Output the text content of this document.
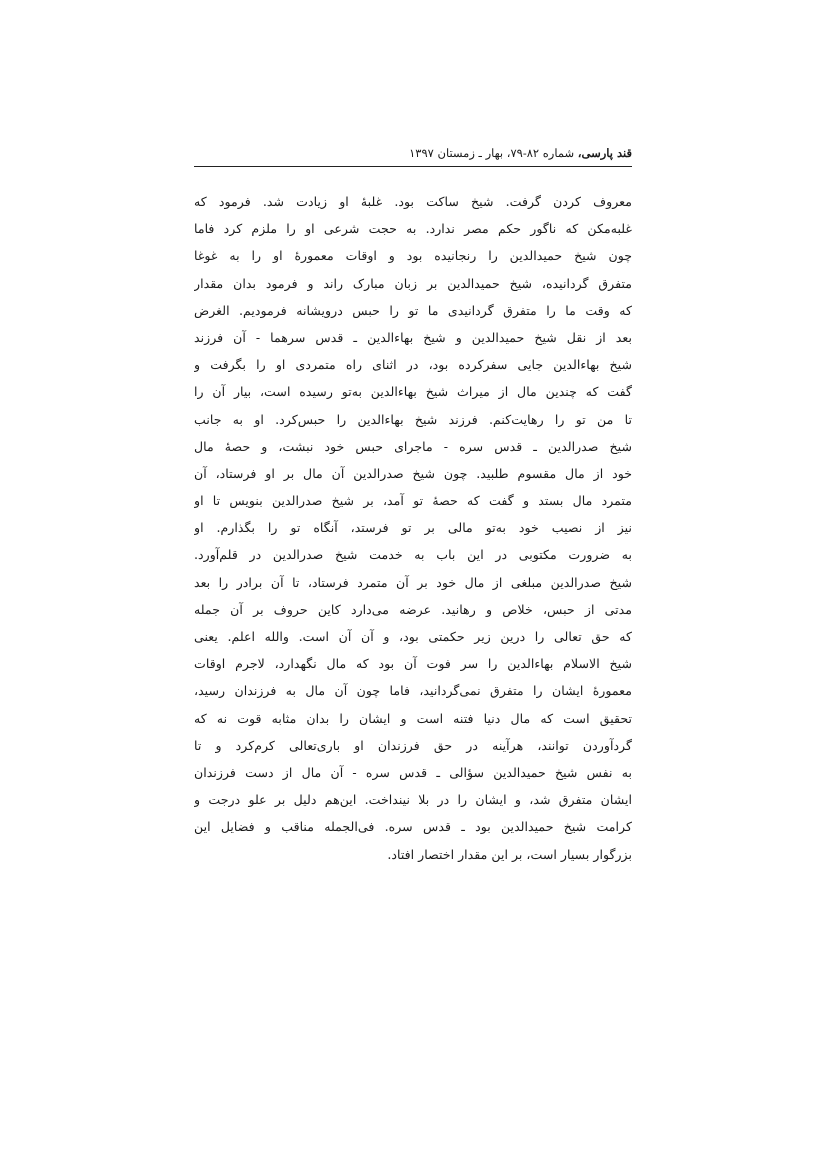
قند پارسی، شماره ۸۲-۷۹، بهار ـ زمستان ۱۳۹۷
معروف کردن گرفت. شیخ ساکت بود. غلبهٔ او زیادت شد. فرمود که
غلبه‌مکن که ناگور حکم مصر ندارد. به حجت شرعی او را ملزم کرد فاما
چون شیخ حمیدالدین را رنجانیده بود و اوقات معمورهٔ او را به غوغا
متفرق گردانیده، شیخ حمیدالدین بر زبان مبارک راند و فرمود بدان مقدار
که وقت ما را متفرق گردانیدی ما تو را حبس درویشانه فرمودیم. الغرض
بعد از نقل شیخ حمیدالدین و شیخ بهاءالدین ـ قدس سرهما - آن فرزند
شیخ بهاءالدین جایی سفرکرده بود، در اثنای راه متمردی او را بگرفت و
گفت که چندین مال از میراث شیخ بهاءالدین به‌تو رسیده است، بیار آن را
تا من تو را رهایت‌کنم. فرزند شیخ بهاءالدین را حبس‌کرد. او به جانب
شیخ صدرالدین ـ قدس سره - ماجرای حبس خود نبشت، و حصهٔ مال
خود از مال مقسوم طلبید. چون شیخ صدرالدین آن مال بر او فرستاد، آن
متمرد مال بستد و گفت که حصهٔ تو آمد، بر شیخ صدرالدین بنویس تا او
نیز از نصیب خود به‌تو مالی بر تو فرستد، آنگاه تو را بگذارم. او
به ضرورت مکتوبی در این باب به خدمت شیخ صدرالدین در قلم‌آورد.
شیخ صدرالدین مبلغی از مال خود بر آن متمرد فرستاد، تا آن برادر را بعد
مدتی از حبس، خلاص و رهانید. عرضه می‌دارد کاین حروف بر آن جمله
که حق تعالی را درین زیر حکمتی بود، و آن آن است. والله اعلم. یعنی
شیخ الاسلام بهاءالدین را سر فوت آن بود که مال نگهدارد، لاجرم اوقات
معمورهٔ ایشان را متفرق نمی‌گردانید، فاما چون آن مال به فرزندان رسید،
تحقیق است که مال دنیا فتنه است و ایشان را بدان مثابه قوت نه که
گردآوردن توانند، هرآینه در حق فرزندان او باری‌تعالی کرم‌کرد و تا
به نفس شیخ حمیدالدین سؤالی ـ قدس سره - آن مال از دست فرزندان
ایشان متفرق شد، و ایشان را در بلا نینداخت. این‌هم دلیل بر علو درجت و
کرامت شیخ حمیدالدین بود ـ قدس سره. فی‌الجمله مناقب و فضایل این
بزرگوار بسیار است، بر این مقدار اختصار افتاد.
